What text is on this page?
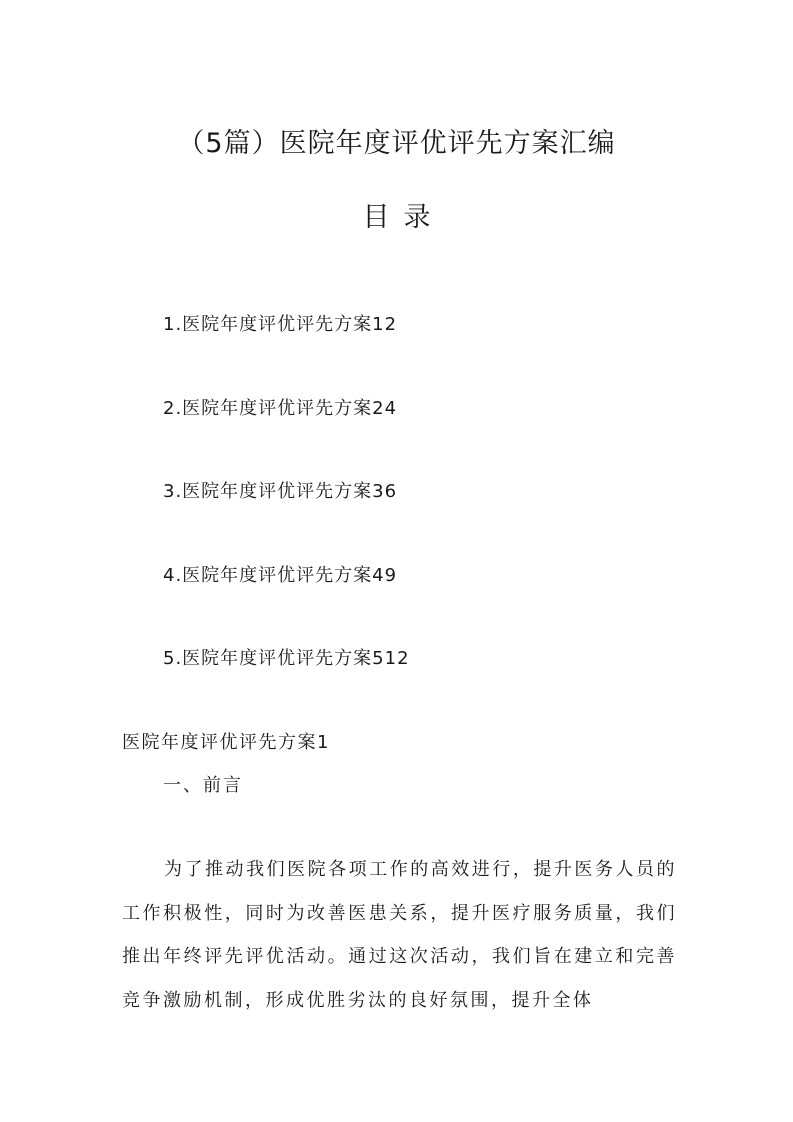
（5篇）医院年度评优评先方案汇编
目录
1.医院年度评优评先方案12
2.医院年度评优评先方案24
3.医院年度评优评先方案36
4.医院年度评优评先方案49
5.医院年度评优评先方案512
医院年度评优评先方案1
一、前言

为了推动我们医院各项工作的高效进行，提升医务人员的工作积极性，同时为改善医患关系，提升医疗服务质量，我们推出年终评先评优活动。通过这次活动，我们旨在建立和完善竞争激励机制，形成优胜劣汰的良好氛围，提升全体
